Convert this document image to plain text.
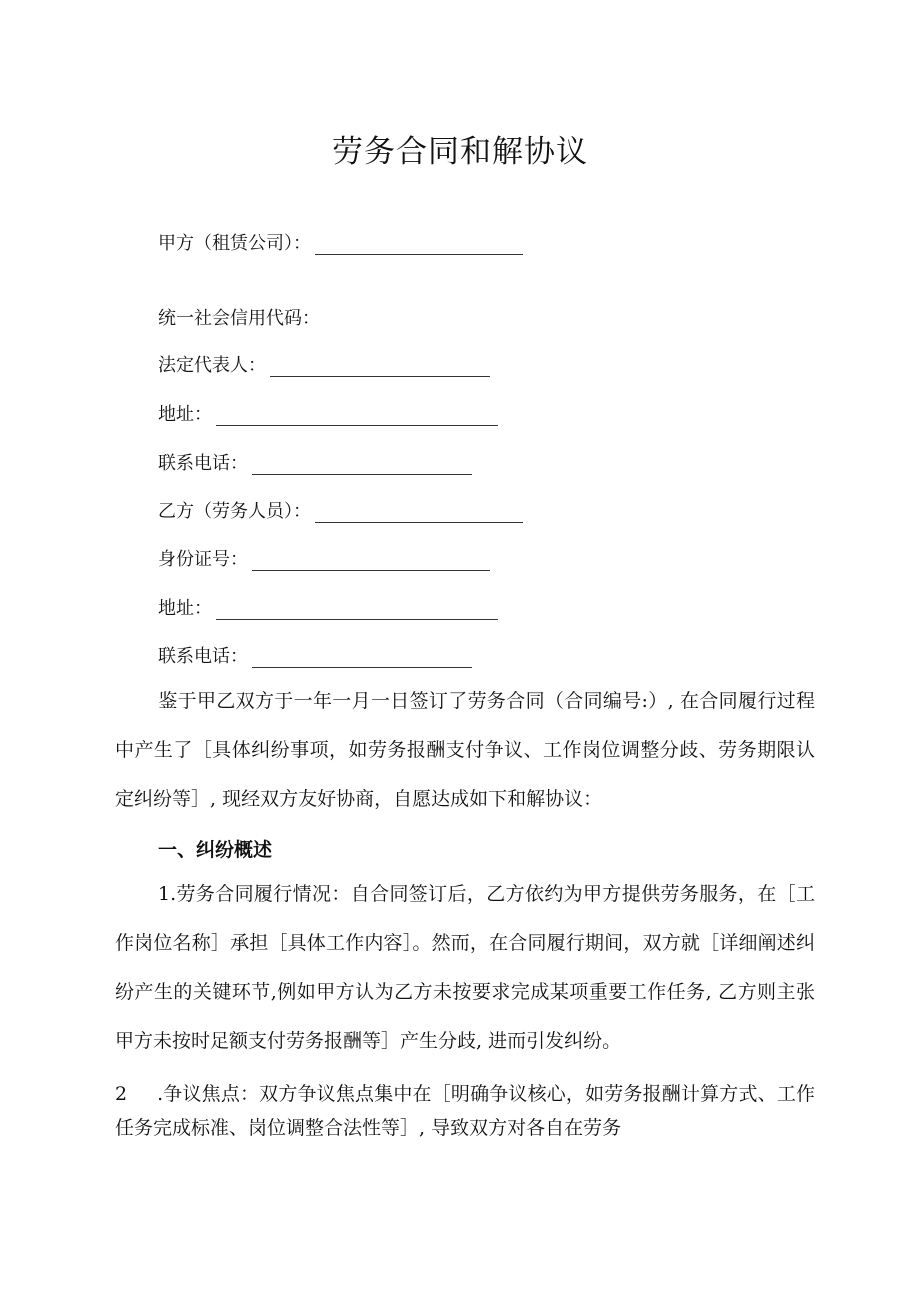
劳务合同和解协议
甲方（租赁公司）：
统一社会信用代码：
法定代表人：
地址：
联系电话：
乙方（劳务人员）：
身份证号：
地址：
联系电话：
鉴于甲乙双方于一年一月一日签订了劳务合同（合同编号:）, 在合同履行过程中产生了［具体纠纷事项，如劳务报酬支付争议、工作岗位调整分歧、劳务期限认定纠纷等］, 现经双方友好协商，自愿达成如下和解协议：
一、纠纷概述
1.劳务合同履行情况：自合同签订后，乙方依约为甲方提供劳务服务，在［工作岗位名称］承担［具体工作内容］。然而，在合同履行期间，双方就［详细阐述纠纷产生的关键环节,例如甲方认为乙方未按要求完成某项重要工作任务, 乙方则主张甲方未按时足额支付劳务报酬等］产生分歧, 进而引发纠纷。
2 .争议焦点：双方争议焦点集中在［明确争议核心，如劳务报酬计算方式、工作任务完成标准、岗位调整合法性等］, 导致双方对各自在劳务
